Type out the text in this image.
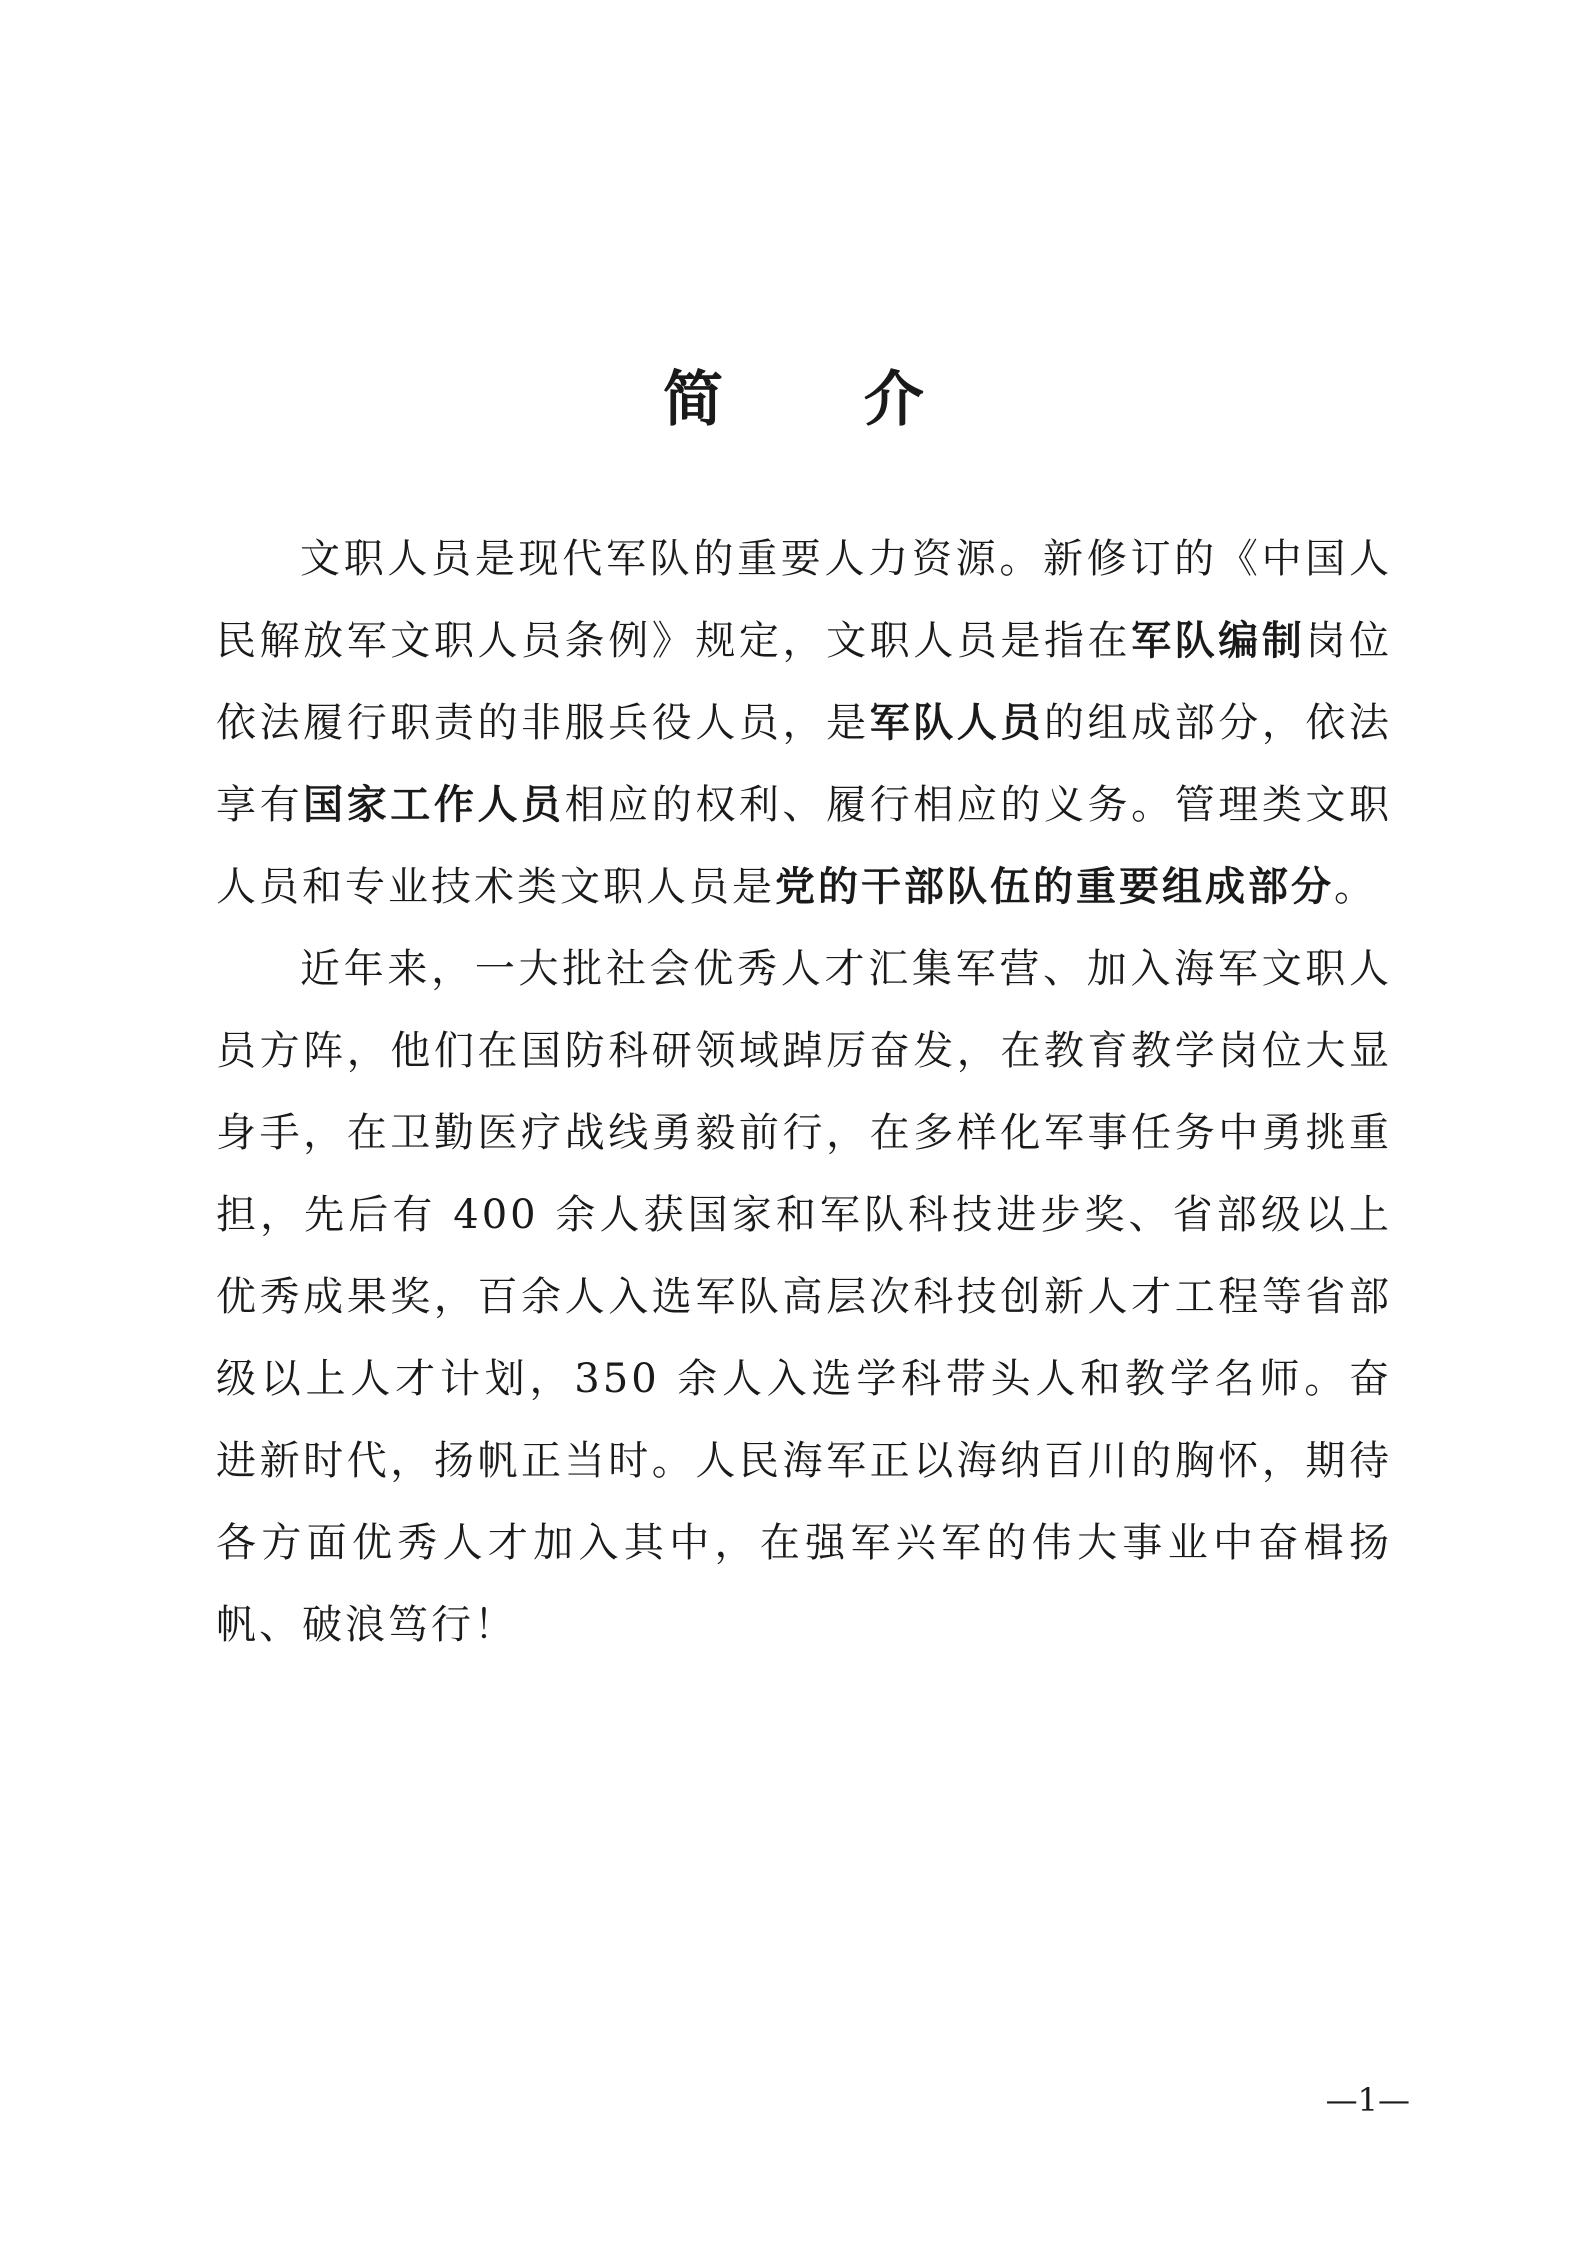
简 介

文职人员是现代军队的重要人力资源。新修订的《中国人民解放军文职人员条例》规定，文职人员是指在军队编制岗位依法履行职责的非服兵役人员，是军队人员的组成部分，依法享有国家工作人员相应的权利、履行相应的义务。管理类文职人员和专业技术类文职人员是党的干部队伍的重要组成部分。

近年来，一大批社会优秀人才汇集军营、加入海军文职人员方阵，他们在国防科研领域踔厉奋发，在教育教学岗位大显身手，在卫勤医疗战线勇毅前行，在多样化军事任务中勇挑重担，先后有 400 余人获国家和军队科技进步奖、省部级以上优秀成果奖，百余人入选军队高层次科技创新人才工程等省部级以上人才计划，350 余人入选学科带头人和教学名师。奋进新时代，扬帆正当时。人民海军正以海纳百川的胸怀，期待各方面优秀人才加入其中，在强军兴军的伟大事业中奋楫扬帆、破浪笃行！

—1—
